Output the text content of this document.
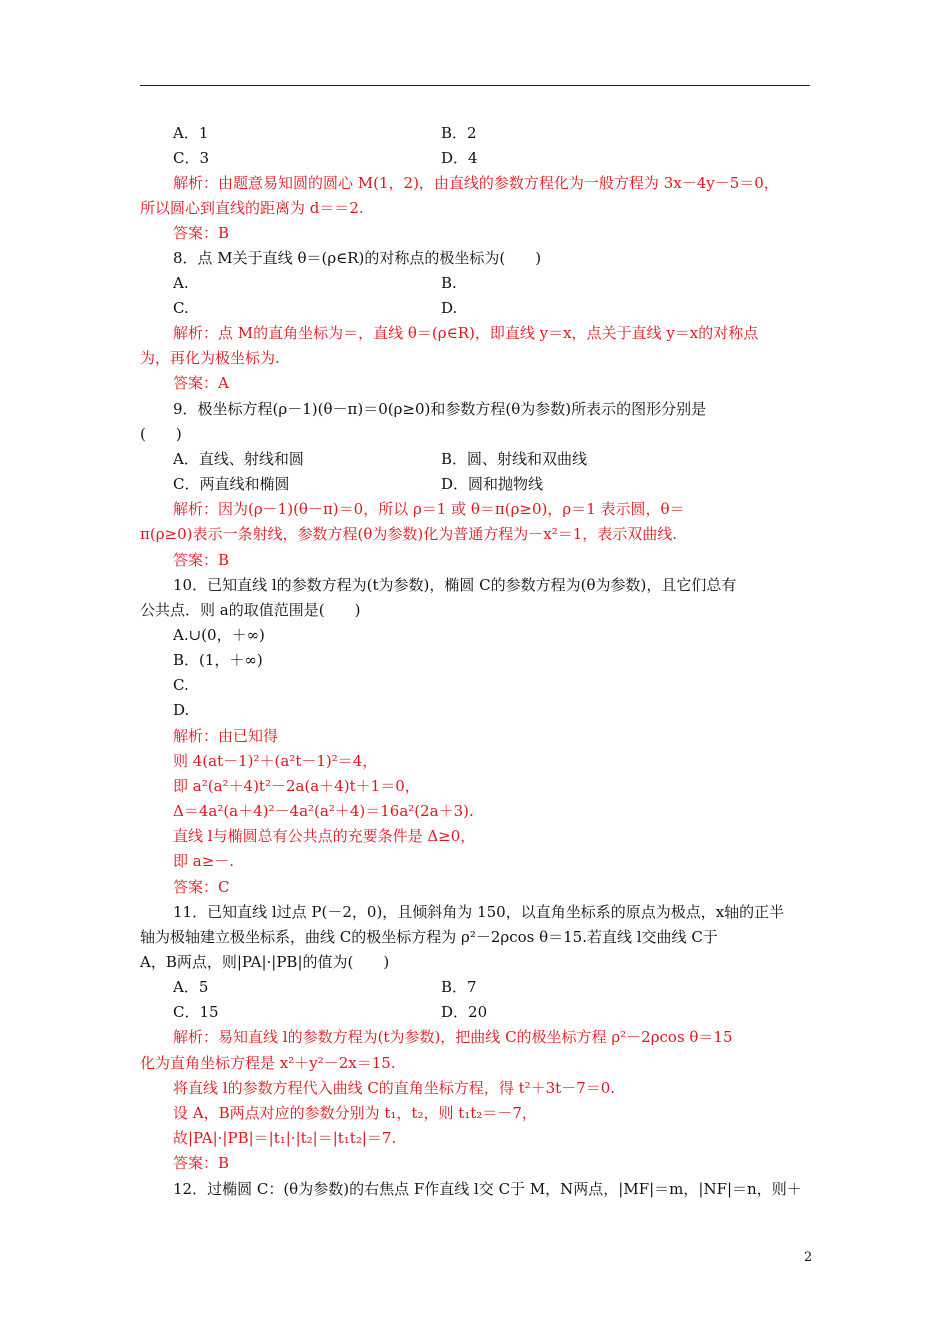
A．1	B．2
C．3	D．4
解析：由题意易知圆的圆心 M(1，2)，由直线的参数方程化为一般方程为 3x－4y－5＝0，
所以圆心到直线的距离为 d＝＝2.
答案：B
8．点 M关于直线 θ＝(ρ∈R)的对称点的极坐标为(　　)
A.	B.
C.	D.
解析：点 M的直角坐标为＝，直线 θ＝(ρ∈R)，即直线 y＝x，点关于直线 y＝x的对称点
为，再化为极坐标为.
答案：A
9．极坐标方程(ρ－1)(θ－π)＝0(ρ≥0)和参数方程(θ为参数)所表示的图形分别是
(　　)
A．直线、射线和圆	B．圆、射线和双曲线
C．两直线和椭圆	D．圆和抛物线
解析：因为(ρ－1)(θ－π)＝0，所以 ρ＝1 或 θ＝π(ρ≥0)，ρ＝1 表示圆，θ＝
π(ρ≥0)表示一条射线，参数方程(θ为参数)化为普通方程为－x²＝1，表示双曲线.
答案：B
10．已知直线 l的参数方程为(t为参数)，椭圆 C的参数方程为(θ为参数)，且它们总有
公共点．则 a的取值范围是(　　)
A.∪(0，＋∞)
B．(1，＋∞)
C.
D.
解析：由已知得
则 4(at－1)²＋(a²t－1)²＝4，
即 a²(a²＋4)t²－2a(a＋4)t＋1＝0，
Δ＝4a²(a＋4)²－4a²(a²＋4)＝16a²(2a＋3).
直线 l与椭圆总有公共点的充要条件是 Δ≥0，
即 a≥－.
答案：C
11．已知直线 l过点 P(－2，0)，且倾斜角为 150，以直角坐标系的原点为极点，x轴的正半
轴为极轴建立极坐标系，曲线 C的极坐标方程为 ρ²－2ρcos θ＝15.若直线 l交曲线 C于
A，B两点，则|PA|·|PB|的值为(　　)
A．5	B．7
C．15	D．20
解析：易知直线 l的参数方程为(t为参数)，把曲线 C的极坐标方程 ρ²－2ρcos θ＝15
化为直角坐标方程是 x²＋y²－2x＝15.
将直线 l的参数方程代入曲线 C的直角坐标方程，得 t²＋3t－7＝0.
设 A，B两点对应的参数分别为 t₁，t₂，则 t₁t₂＝－7，
故|PA|·|PB|＝|t₁|·|t₂|＝|t₁t₂|＝7.
答案：B
12．过椭圆 C：(θ为参数)的右焦点 F作直线 l交 C于 M，N两点，|MF|＝m，|NF|＝n，则＋
2
